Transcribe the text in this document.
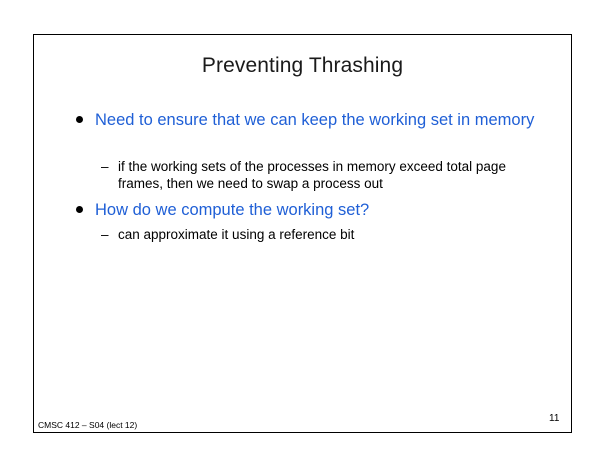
Preventing Thrashing
Need to ensure that we can keep the working set in memory
– if the working sets of the processes in memory exceed total page frames, then we need to swap a process out
How do we compute the working set?
– can approximate it using a reference bit
CMSC 412 – S04 (lect 12)
11
